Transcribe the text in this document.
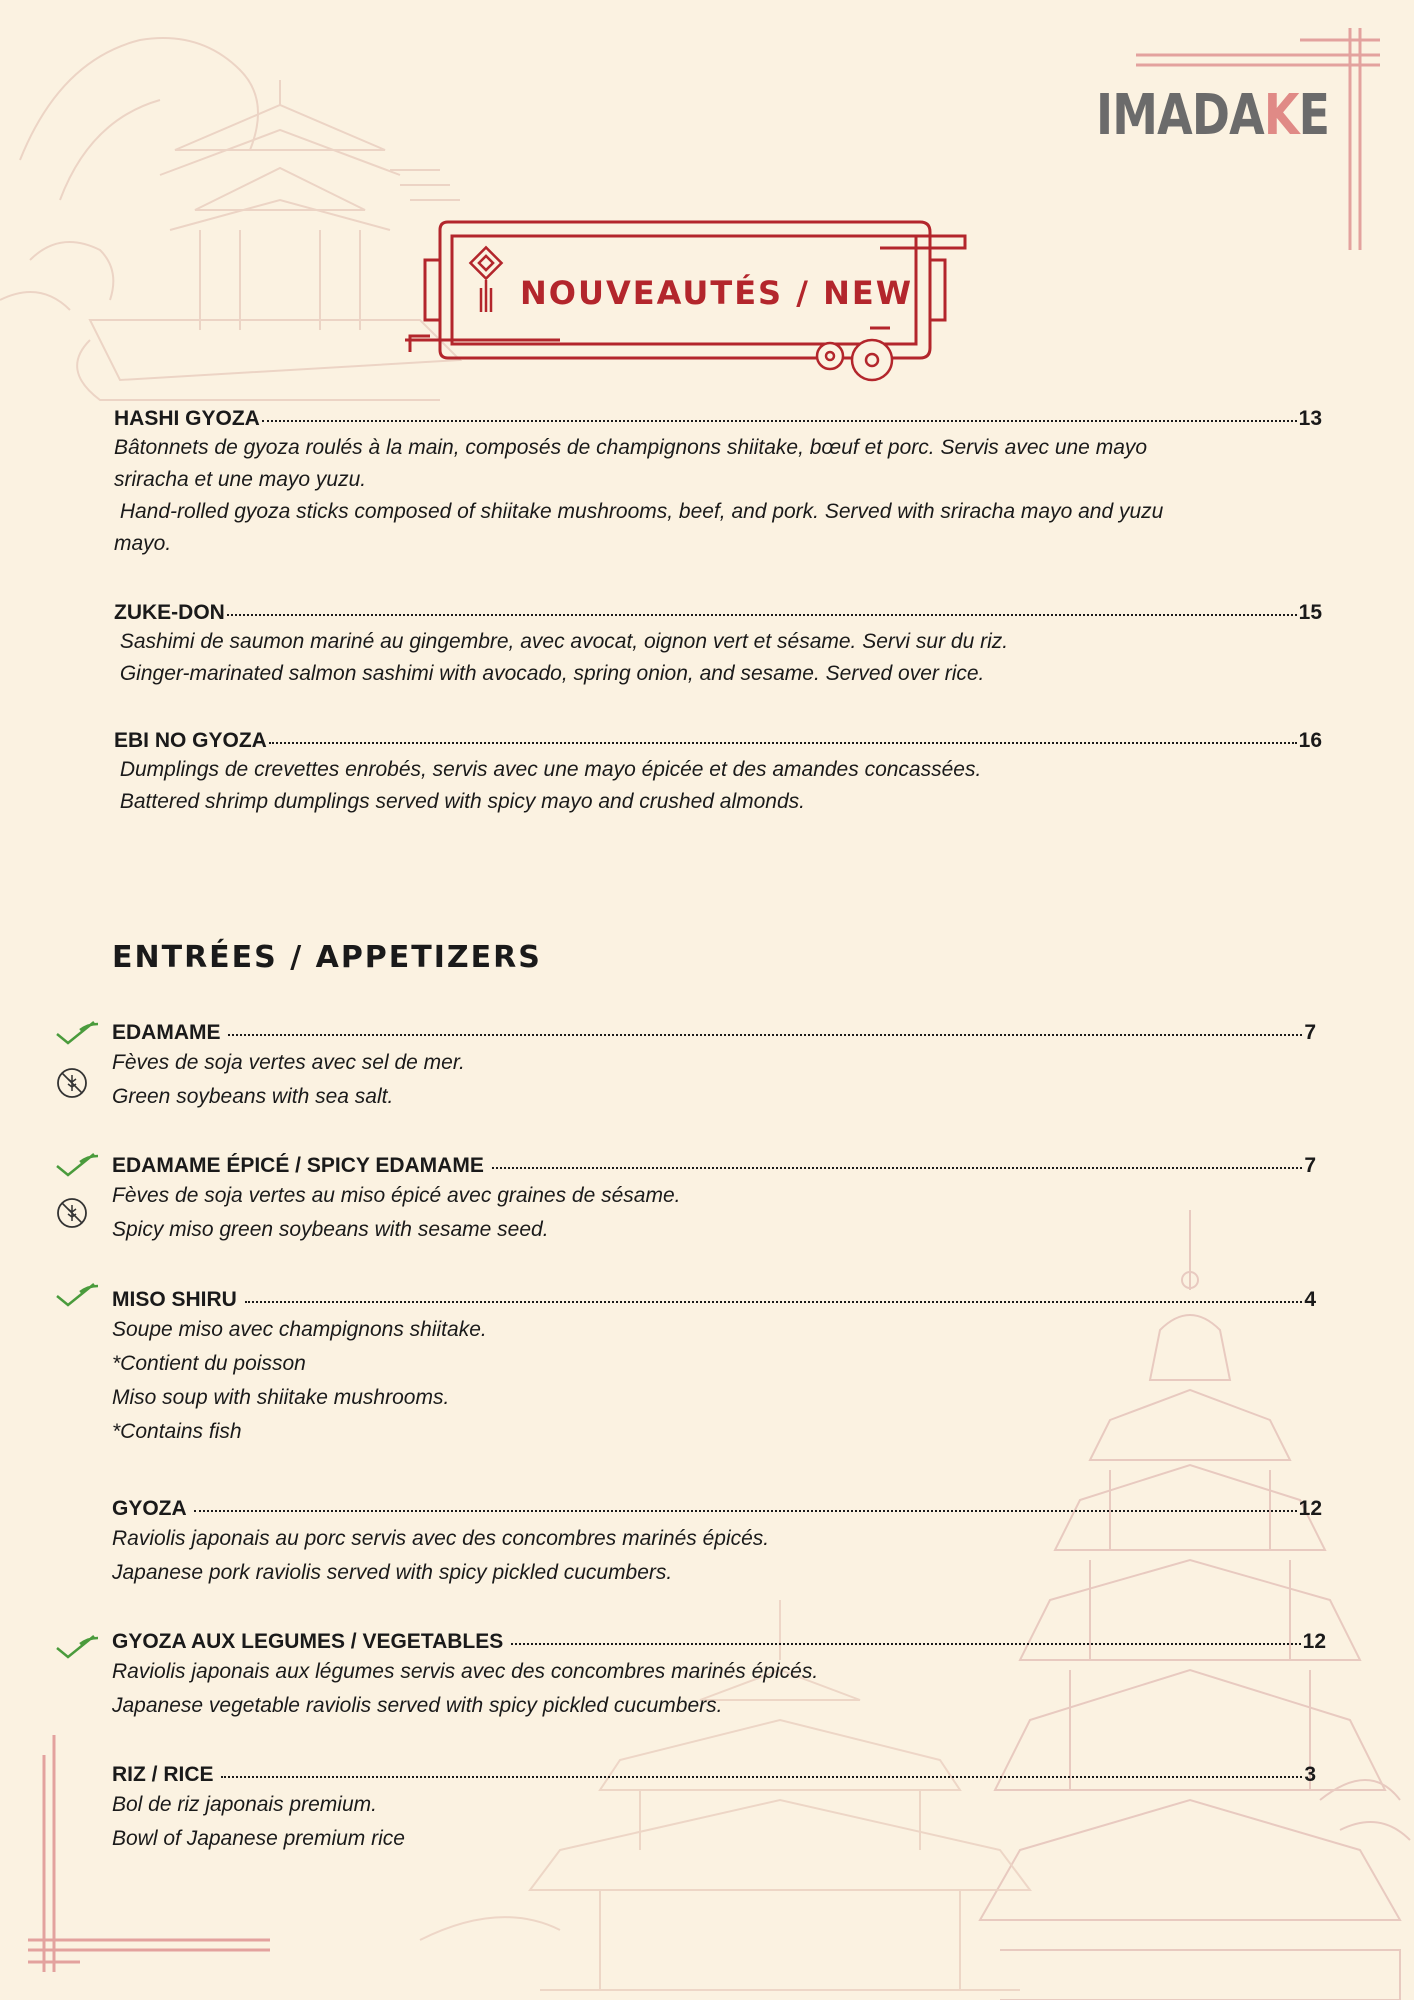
IMADAKE
NOUVEAUTÉS / NEW
HASHI GYOZA	13
Bâtonnets de gyoza roulés à la main, composés de champignons shiitake, bœuf et porc. Servis avec une mayo
sriracha et une mayo yuzu.
Hand-rolled gyoza sticks composed of shiitake mushrooms, beef, and pork. Served with sriracha mayo and yuzu
mayo.
ZUKE-DON	15
Sashimi de saumon mariné au gingembre, avec avocat, oignon vert et sésame. Servi sur du riz.
Ginger-marinated salmon sashimi with avocado, spring onion, and sesame. Served over rice.
EBI NO GYOZA	16
Dumplings de crevettes enrobés, servis avec une mayo épicée et des amandes concassées.
Battered shrimp dumplings served with spicy mayo and crushed almonds.
ENTRÉES / APPETIZERS
EDAMAME	7
Fèves de soja vertes avec sel de mer.
Green soybeans with sea salt.
EDAMAME ÉPICÉ / SPICY EDAMAME	7
Fèves de soja vertes au miso épicé avec graines de sésame.
Spicy miso green soybeans with sesame seed.
MISO SHIRU	4
Soupe miso avec champignons shiitake.
*Contient du poisson
Miso soup with shiitake mushrooms.
*Contains fish
GYOZA	12
Raviolis japonais au porc servis avec des concombres marinés épicés.
Japanese pork raviolis served with spicy pickled cucumbers.
GYOZA AUX LEGUMES / VEGETABLES	12
Raviolis japonais aux légumes servis avec des concombres marinés épicés.
Japanese vegetable raviolis served with spicy pickled cucumbers.
RIZ / RICE	3
Bol de riz japonais premium.
Bowl of Japanese premium rice
